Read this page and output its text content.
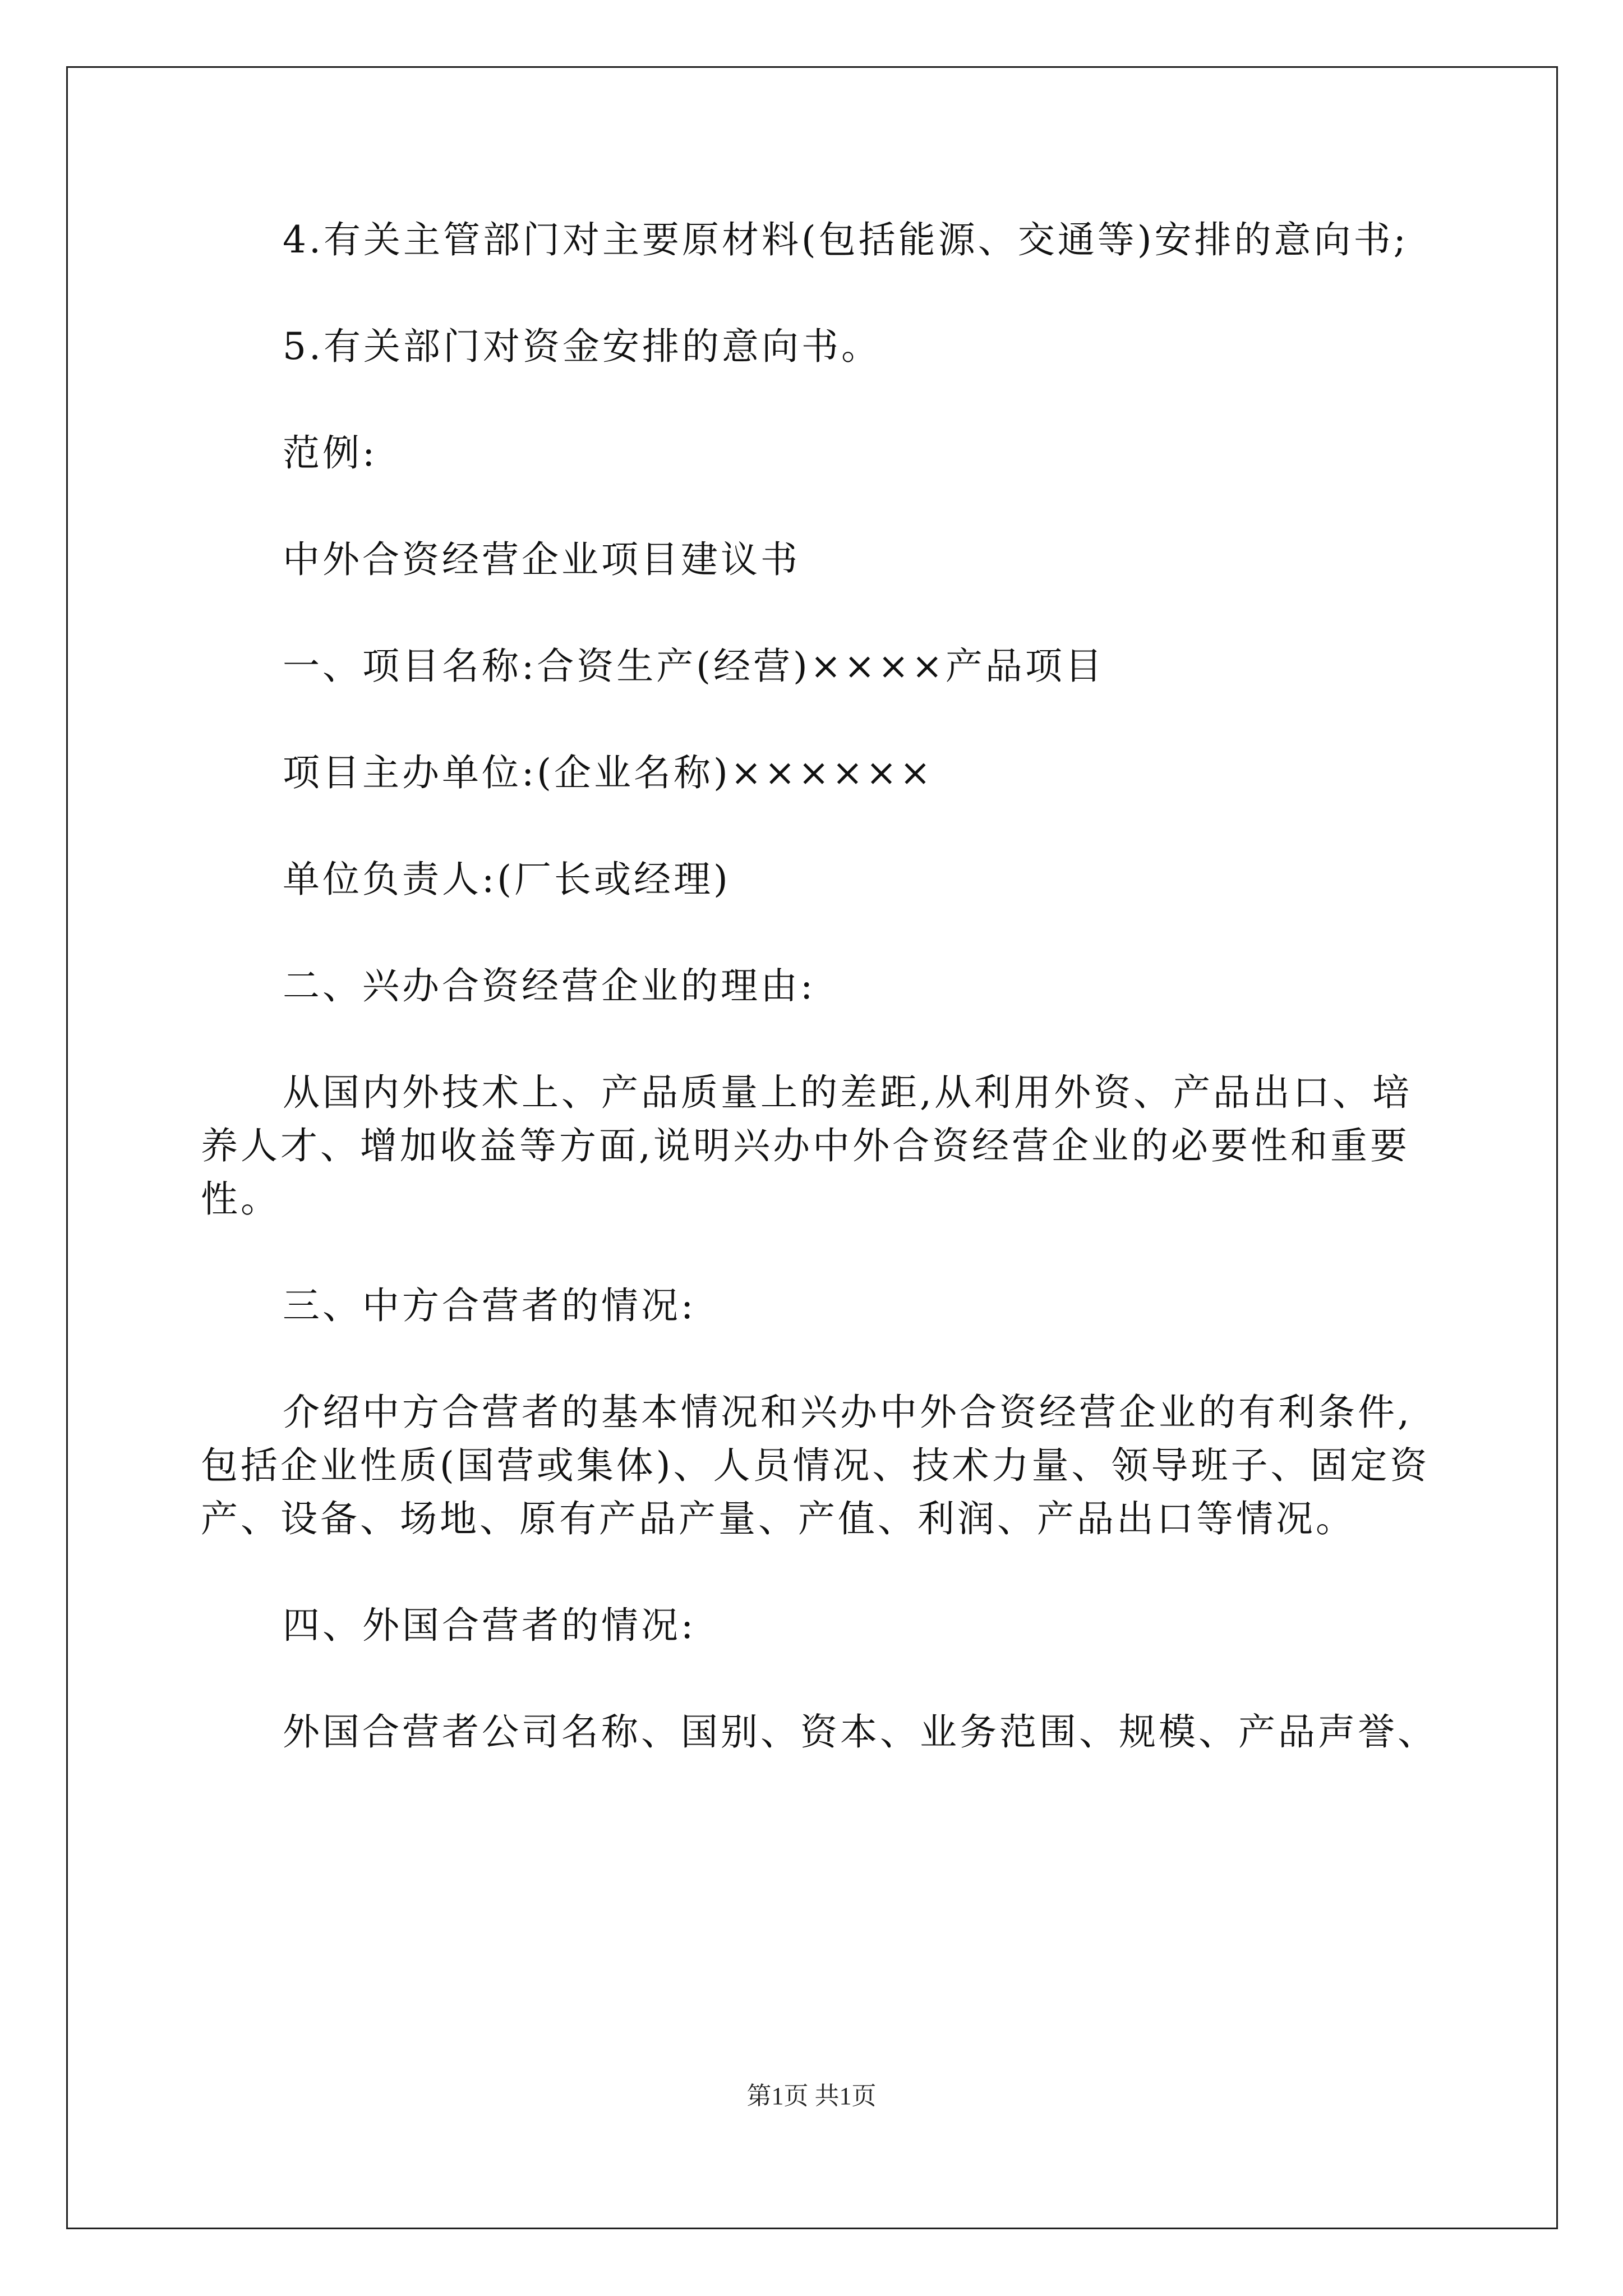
4.有关主管部门对主要原材料(包括能源、交通等)安排的意向书;

5.有关部门对资金安排的意向书。

范例:

中外合资经营企业项目建议书

一、项目名称:合资生产(经营)××××产品项目

项目主办单位:(企业名称)××××××

单位负责人:(厂长或经理)

二、兴办合资经营企业的理由:

从国内外技术上、产品质量上的差距,从利用外资、产品出口、培养人才、增加收益等方面,说明兴办中外合资经营企业的必要性和重要性。

三、中方合营者的情况:

介绍中方合营者的基本情况和兴办中外合资经营企业的有利条件,包括企业性质(国营或集体)、人员情况、技术力量、领导班子、固定资产、设备、场地、原有产品产量、产值、利润、产品出口等情况。

四、外国合营者的情况:

外国合营者公司名称、国别、资本、业务范围、规模、产品声誉、

第1页 共1页
